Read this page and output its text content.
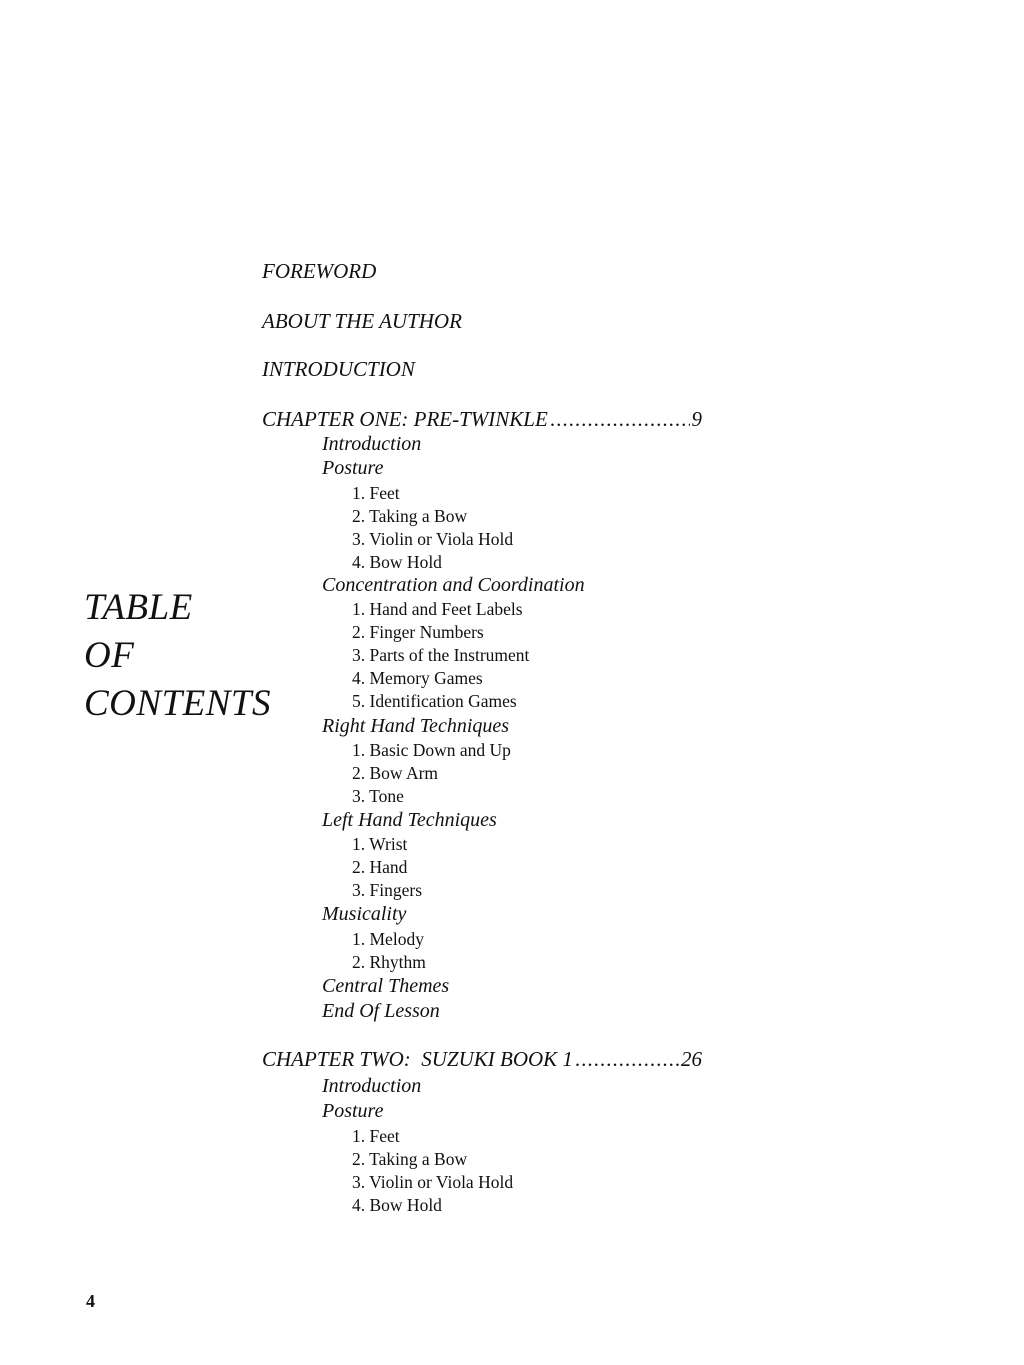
TABLE
OF
CONTENTS
FOREWORD
ABOUT THE AUTHOR
INTRODUCTION
CHAPTER ONE: PRE-TWINKLE .....	9
Introduction
Posture
1. Feet
2. Taking a Bow
3. Violin or Viola Hold
4. Bow Hold
Concentration and Coordination
1. Hand and Feet Labels
2. Finger Numbers
3. Parts of the Instrument
4. Memory Games
5. Identification Games
Right Hand Techniques
1. Basic Down and Up
2. Bow Arm
3. Tone
Left Hand Techniques
1. Wrist
2. Hand
3. Fingers
Musicality
1. Melody
2. Rhythm
Central Themes
End Of Lesson
CHAPTER TWO:  SUZUKI BOOK 1 .....	26
Introduction
Posture
1. Feet
2. Taking a Bow
3. Violin or Viola Hold
4. Bow Hold
4
